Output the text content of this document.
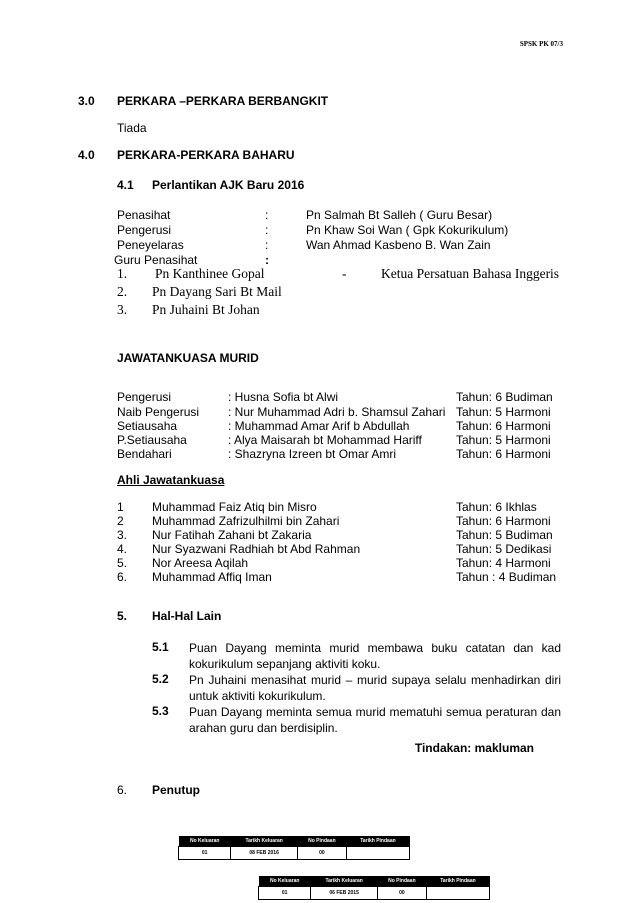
SPSK PK 07/3
3.0 PERKARA –PERKARA BERBANGKIT
Tiada
4.0 PERKARA-PERKARA BAHARU
4.1 Perlantikan AJK Baru 2016
Penasihat	:	Pn Salmah Bt Salleh ( Guru Besar)
Pengerusi	:	Pn Khaw Soi Wan ( Gpk Kokurikulum)
Peneyelaras	:	Wan Ahmad Kasbeno B. Wan Zain
Guru Penasihat	:
1. Pn Kanthinee Gopal	-	Ketua Persatuan Bahasa Inggeris
2. Pn Dayang Sari Bt Mail
3. Pn Juhaini Bt Johan
JAWATANKUASA MURID
Pengerusi	: Husna Sofia bt Alwi	Tahun: 6 Budiman
Naib Pengerusi : Nur Muhammad Adri b. Shamsul Zahari Tahun: 5 Harmoni
Setiausaha	: Muhammad Amar Arif b Abdullah	Tahun: 6 Harmoni
P.Setiausaha	: Alya Maisarah bt Mohammad Hariff	Tahun: 5 Harmoni
Bendahari	: Shazryna Izreen bt Omar Amri	Tahun: 6 Harmoni
Ahli Jawatankuasa
1 Muhammad Faiz Atiq bin Misro	Tahun: 6 Ikhlas
2 Muhammad Zafrizulhilmi bin Zahari	Tahun: 6 Harmoni
3. Nur Fatihah Zahani bt Zakaria	Tahun: 5 Budiman
4. Nur Syazwani Radhiah bt Abd Rahman	Tahun: 5 Dedikasi
5. Nor Areesa Aqilah	Tahun: 4 Harmoni
6. Muhammad Affiq Iman	Tahun : 4 Budiman
5. Hal-Hal Lain
5.1 Puan Dayang meminta murid membawa buku catatan dan kad kokurikulum sepanjang aktiviti koku.
5.2 Pn Juhaini menasihat murid – murid supaya selalu menhadirkan diri untuk aktiviti kokurikulum.
5.3 Puan Dayang meminta semua murid mematuhi semua peraturan dan arahan guru dan berdisiplin.
Tindakan: makluman
6. Penutup
No Keluaran	Tarikh Keluaran	No Pindaan	Tarikh Pindaan
01	08 FEB 2016	00	
No Keluaran	Tarikh Keluaran	No Pindaan	Tarikh Pindaan
01	06 FEB 2015	00	
